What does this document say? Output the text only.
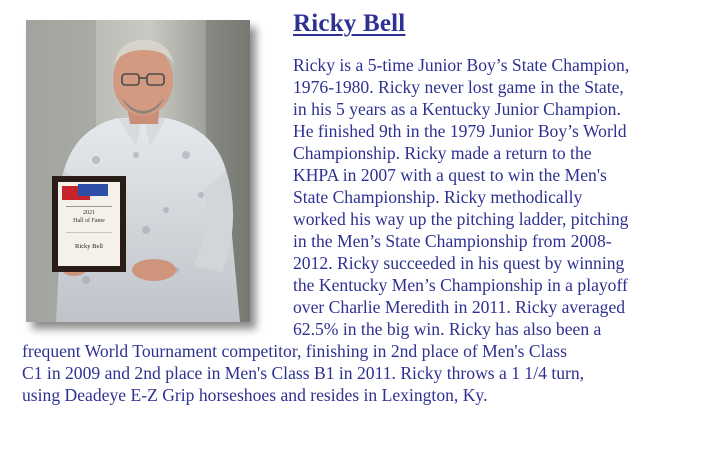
2021
Hall of Fame
Ricky Bell
Ricky Bell
Ricky is a 5-time Junior Boy’s State Champion,
1976-1980. Ricky never lost game in the State,
in his 5 years as a Kentucky Junior Champion.
He finished 9th in the 1979 Junior Boy’s World
Championship. Ricky made a return to the
KHPA in 2007 with a quest to win the Men's
State Championship. Ricky methodically
worked his way up the pitching ladder, pitching
in the Men’s State Championship from 2008-
2012. Ricky succeeded in his quest by winning
the Kentucky Men’s Championship in a playoff
over Charlie Meredith in 2011. Ricky averaged
62.5% in the big win. Ricky has also been a
frequent World Tournament competitor, finishing in 2nd place of Men's Class
C1 in 2009 and 2nd place in Men's Class B1 in 2011. Ricky throws a 1 1/4 turn,
using Deadeye E-Z Grip horseshoes and resides in Lexington, Ky.
